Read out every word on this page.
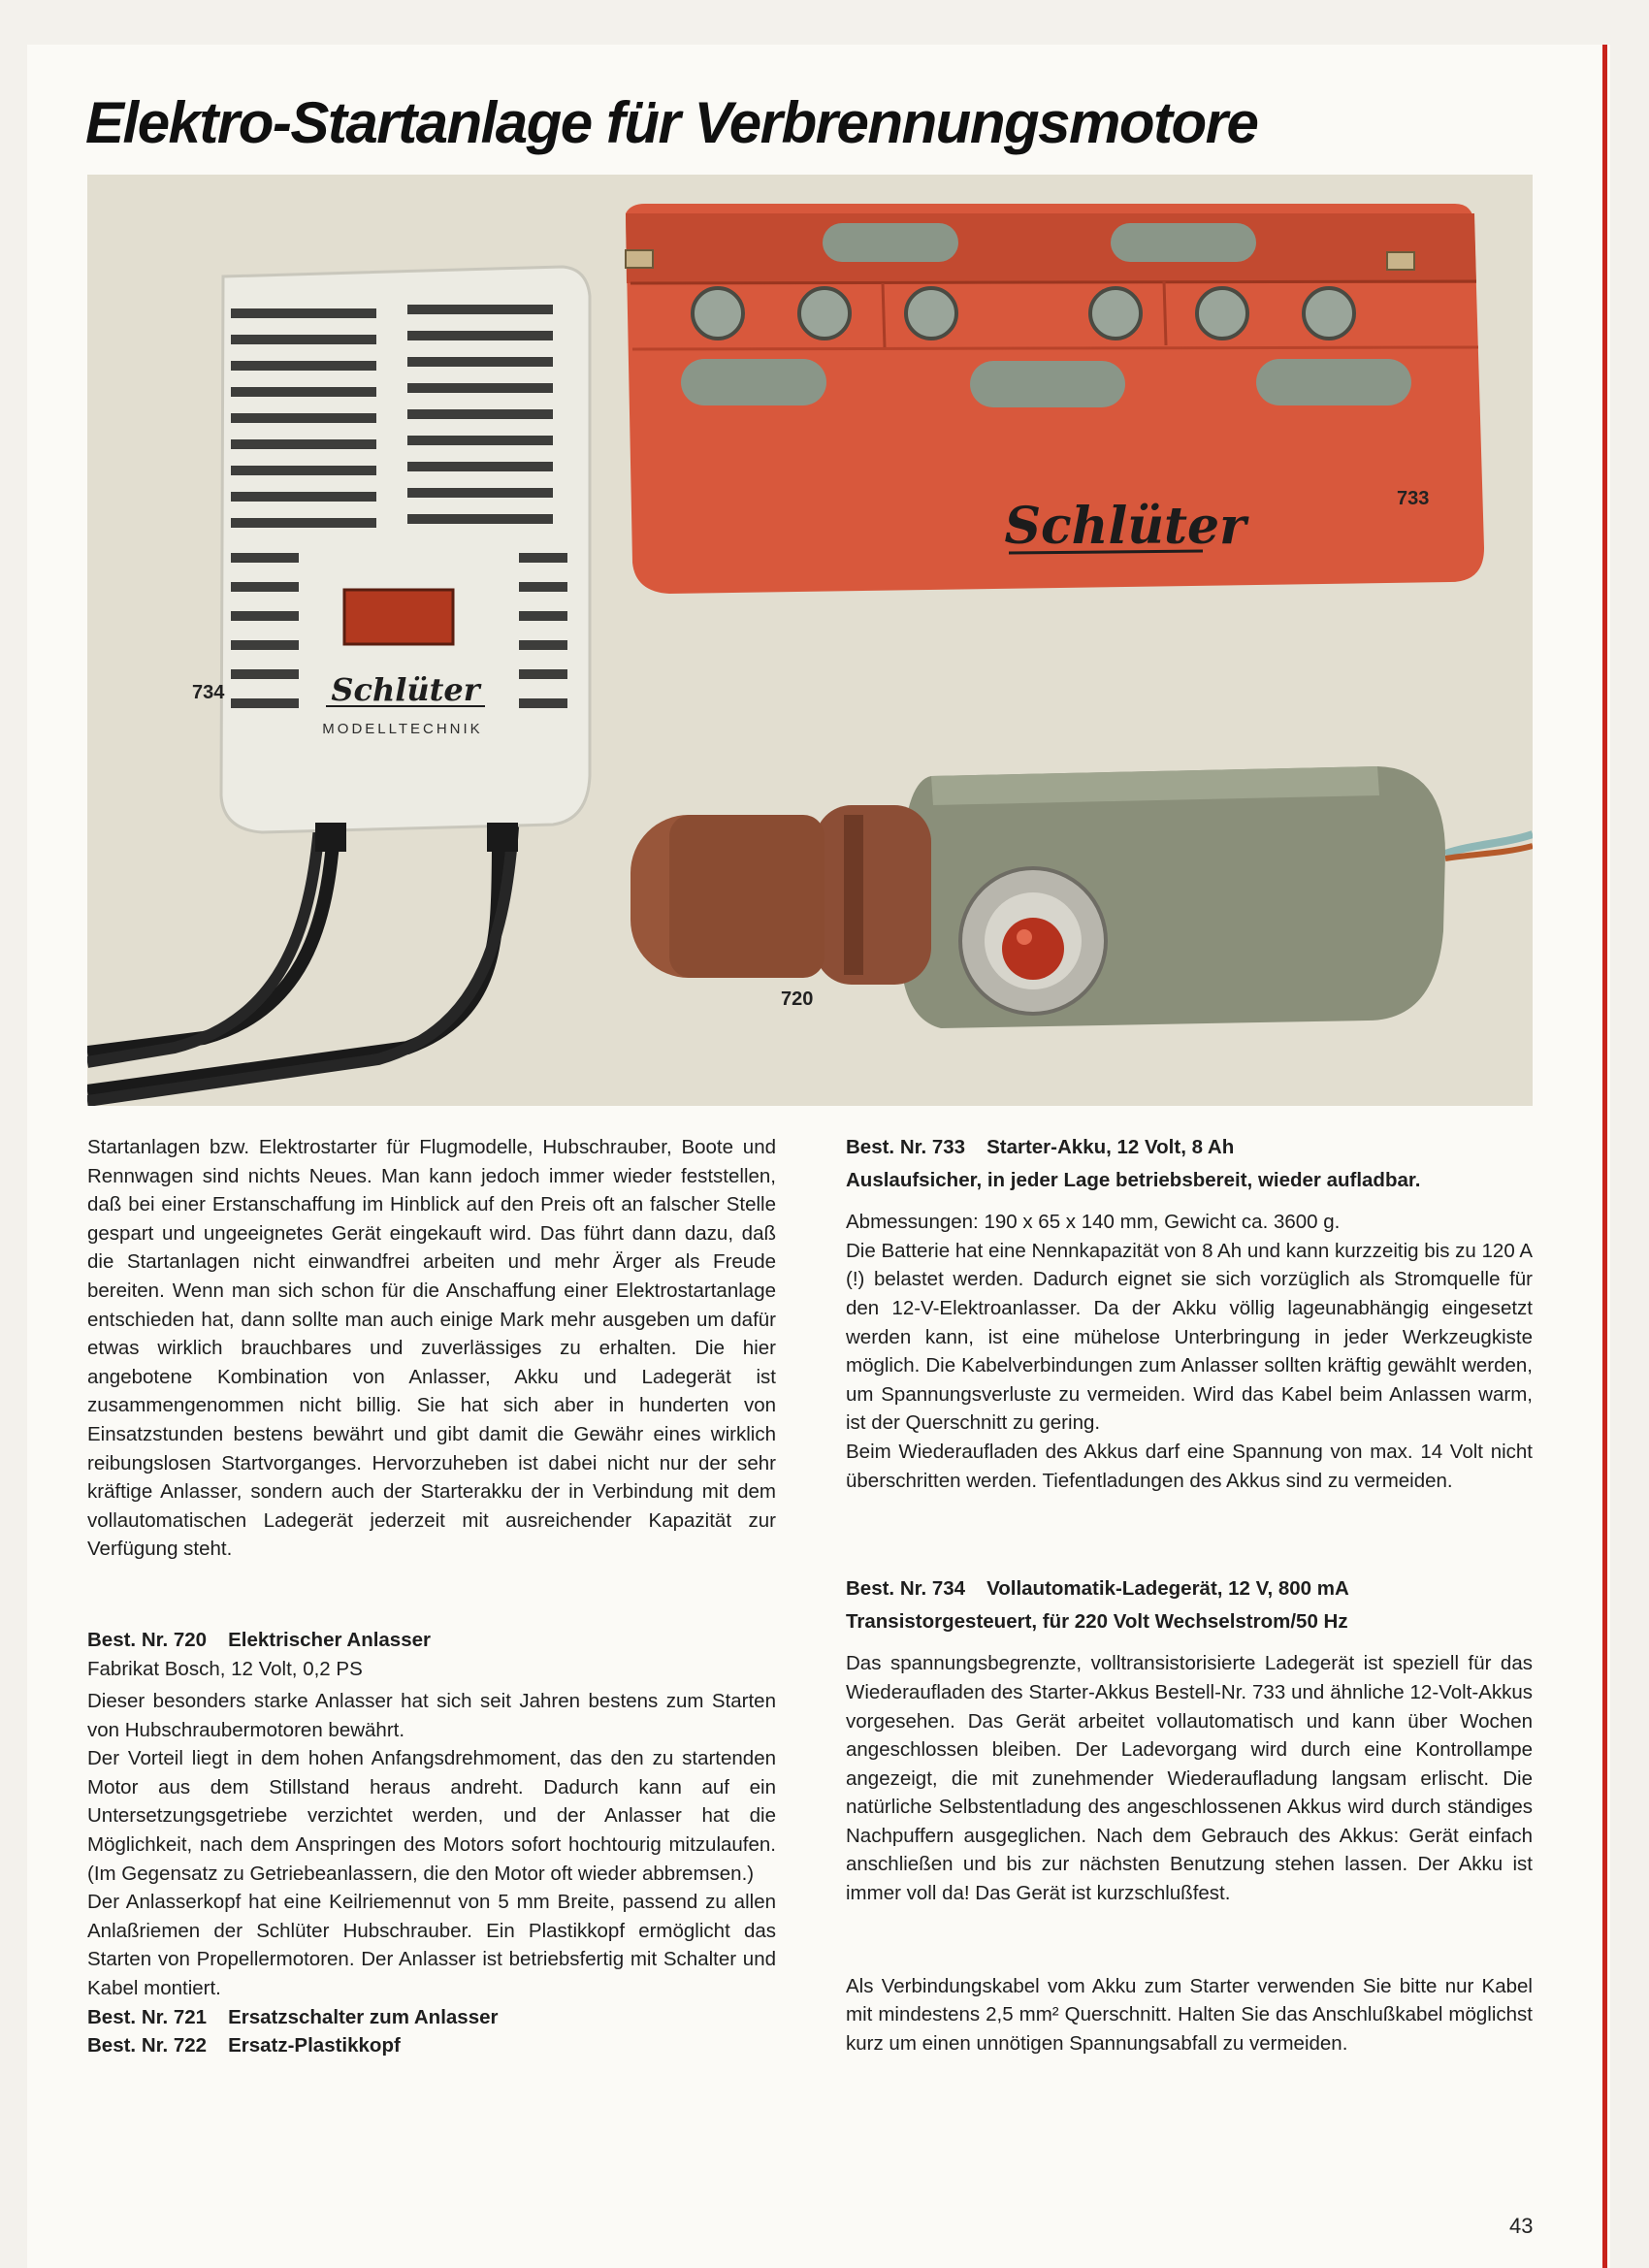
Elektro-Startanlage für Verbrennungsmotore
Schlüter
MODELLTECHNIK
Schlüter	733
734
720

Startanlagen bzw. Elektrostarter für Flugmodelle, Hubschrauber, Boote und Rennwagen sind nichts Neues. Man kann jedoch immer wieder feststellen, daß bei einer Erstanschaffung im Hinblick auf den Preis oft an falscher Stelle gespart und ungeeignetes Gerät eingekauft wird. Das führt dann dazu, daß die Startanlagen nicht einwandfrei arbeiten und mehr Ärger als Freude bereiten. Wenn man sich schon für die Anschaffung einer Elektrostartanlage entschieden hat, dann sollte man auch einige Mark mehr ausgeben um dafür etwas wirklich brauchbares und zuverlässiges zu erhalten. Die hier angebotene Kombination von Anlasser, Akku und Ladegerät ist zusammengenommen nicht billig. Sie hat sich aber in hunderten von Einsatzstunden bestens bewährt und gibt damit die Gewähr eines wirklich reibungslosen Startvorganges. Hervorzuheben ist dabei nicht nur der sehr kräftige Anlasser, sondern auch der Starterakku der in Verbindung mit dem vollautomatischen Ladegerät jederzeit mit ausreichender Kapazität zur Verfügung steht.

Best. Nr. 720 Elektrischer Anlasser

Fabrikat Bosch, 12 Volt, 0,2 PS

Dieser besonders starke Anlasser hat sich seit Jahren bestens zum Starten von Hubschraubermotoren bewährt.

Der Vorteil liegt in dem hohen Anfangsdrehmoment, das den zu startenden Motor aus dem Stillstand heraus andreht. Dadurch kann auf ein Untersetzungsgetriebe verzichtet werden, und der Anlasser hat die Möglichkeit, nach dem Anspringen des Motors sofort hochtourig mitzulaufen. (Im Gegensatz zu Getriebeanlassern, die den Motor oft wieder abbremsen.)

Der Anlasserkopf hat eine Keilriemennut von 5 mm Breite, passend zu allen Anlaßriemen der Schlüter Hubschrauber. Ein Plastikkopf ermöglicht das Starten von Propellermotoren. Der Anlasser ist betriebsfertig mit Schalter und Kabel montiert.

Best. Nr. 721 Ersatzschalter zum Anlasser

Best. Nr. 722 Ersatz-Plastikkopf

Best. Nr. 733 Starter-Akku, 12 Volt, 8 Ah

Auslaufsicher, in jeder Lage betriebsbereit, wieder aufladbar.

Abmessungen: 190 x 65 x 140 mm, Gewicht ca. 3600 g.

Die Batterie hat eine Nennkapazität von 8 Ah und kann kurzzeitig bis zu 120 A (!) belastet werden. Dadurch eignet sie sich vorzüglich als Stromquelle für den 12-V-Elektroanlasser. Da der Akku völlig lageunabhängig eingesetzt werden kann, ist eine mühelose Unterbringung in jeder Werkzeugkiste möglich. Die Kabelverbindungen zum Anlasser sollten kräftig gewählt werden, um Spannungsverluste zu vermeiden. Wird das Kabel beim Anlassen warm, ist der Querschnitt zu gering.

Beim Wiederaufladen des Akkus darf eine Spannung von max. 14 Volt nicht überschritten werden. Tiefentladungen des Akkus sind zu vermeiden.

Best. Nr. 734 Vollautomatik-Ladegerät, 12 V, 800 mA

Transistorgesteuert, für 220 Volt Wechselstrom/50 Hz

Das spannungsbegrenzte, volltransistorisierte Ladegerät ist speziell für das Wiederaufladen des Starter-Akkus Bestell-Nr. 733 und ähnliche 12-Volt-Akkus vorgesehen. Das Gerät arbeitet vollautomatisch und kann über Wochen angeschlossen bleiben. Der Ladevorgang wird durch eine Kontrollampe angezeigt, die mit zunehmender Wiederaufladung langsam erlischt. Die natürliche Selbstentladung des angeschlossenen Akkus wird durch ständiges Nachpuffern ausgeglichen. Nach dem Gebrauch des Akkus: Gerät einfach anschließen und bis zur nächsten Benutzung stehen lassen. Der Akku ist immer voll da! Das Gerät ist kurzschlußfest.

Als Verbindungskabel vom Akku zum Starter verwenden Sie bitte nur Kabel mit mindestens 2,5 mm² Querschnitt. Halten Sie das Anschlußkabel möglichst kurz um einen unnötigen Spannungsabfall zu vermeiden.

43
